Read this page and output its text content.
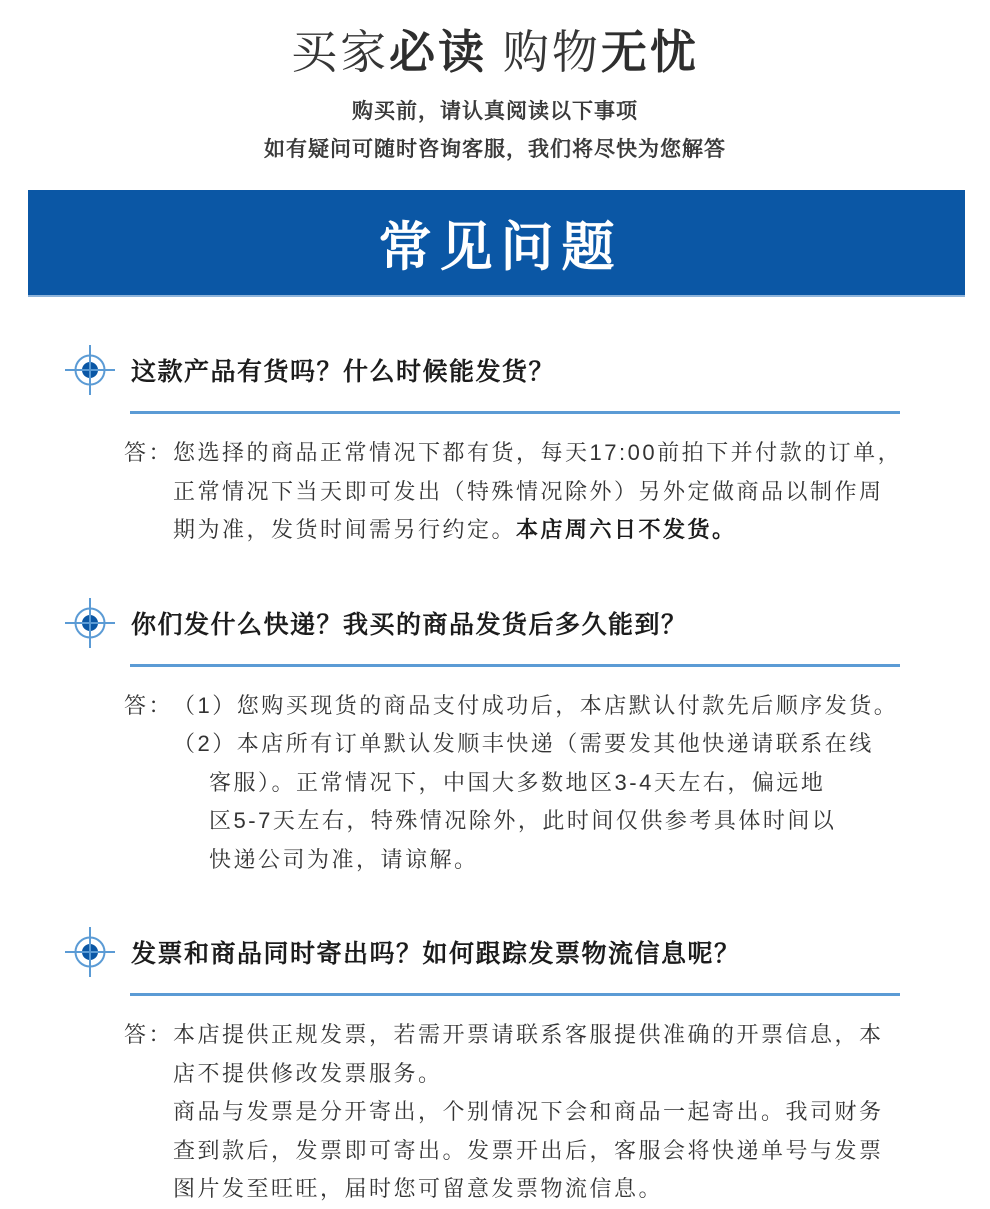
买家必读 购物无忧

购买前，请认真阅读以下事项

如有疑问可随时咨询客服，我们将尽快为您解答

常见问题
这款产品有货吗？什么时候能发货？
答： 您选择的商品正常情况下都有货，每天17:00前拍下并付款的订单，
正常情况下当天即可发出（特殊情况除外）另外定做商品以制作周
期为准，发货时间需另行约定。本店周六日不发货。
你们发什么快递？我买的商品发货后多久能到？
答： （1）您购买现货的商品支付成功后，本店默认付款先后顺序发货。
（2）本店所有订单默认发顺丰快递（需要发其他快递请联系在线
客服）。正常情况下，中国大多数地区3-4天左右，偏远地
区5-7天左右，特殊情况除外，此时间仅供参考具体时间以
快递公司为准，请谅解。
发票和商品同时寄出吗？如何跟踪发票物流信息呢？
答： 本店提供正规发票，若需开票请联系客服提供准确的开票信息，本
店不提供修改发票服务。
商品与发票是分开寄出，个别情况下会和商品一起寄出。我司财务
查到款后，发票即可寄出。发票开出后，客服会将快递单号与发票
图片发至旺旺，届时您可留意发票物流信息。
